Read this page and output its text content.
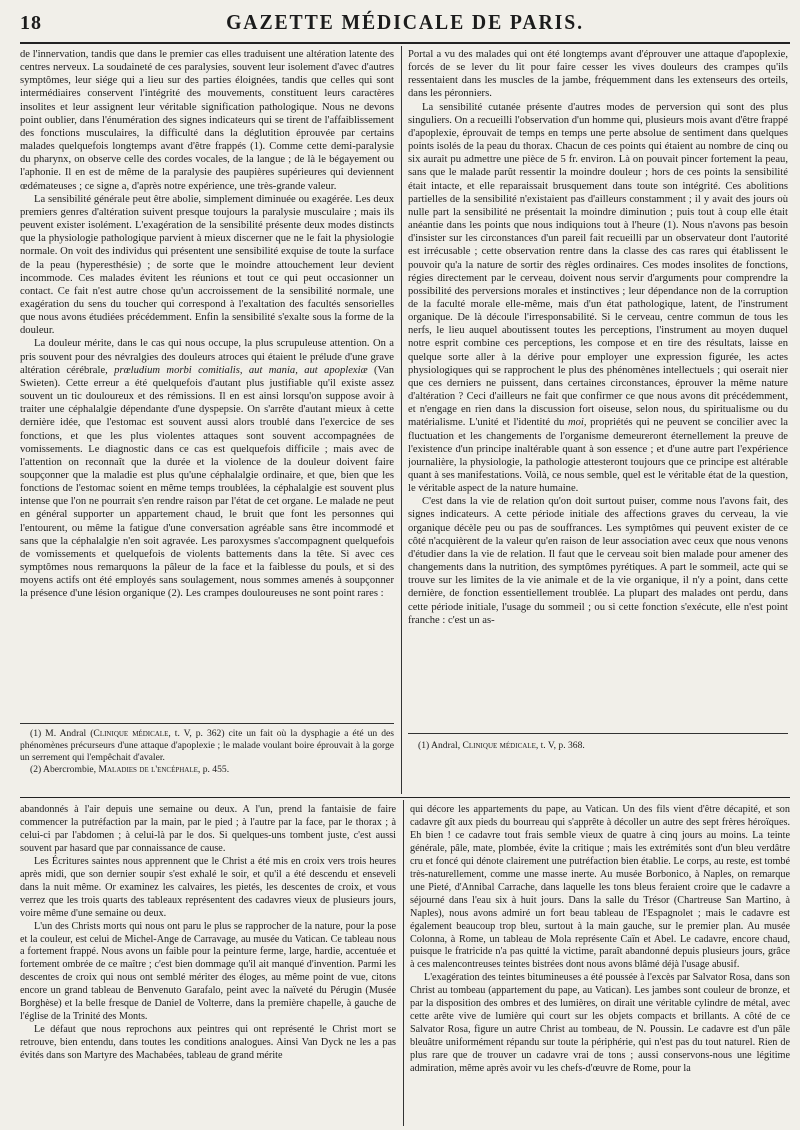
18	GAZETTE MÉDICALE DE PARIS.

de l'innervation, tandis que dans le premier cas elles traduisent une altération latente des centres nerveux. La soudaineté de ces paralysies, souvent leur isolement d'avec d'autres symptômes, leur siége qui a lieu sur des parties éloignées, tandis que celles qui sont intermédiaires conservent l'intégrité des mouvements, constituent leurs caractères insolites et leur assignent leur véritable signification pathologique. Nous ne devons point oublier, dans l'énumération des signes indicateurs qui se tirent de l'affaiblissement des fonctions musculaires, la difficulté dans la déglutition éprouvée par certains malades quelquefois longtemps avant d'être frappés (1). Comme cette demi-paralysie du pharynx, on observe celle des cordes vocales, de la langue ; de là le bégayement ou l'aphonie. Il en est de même de la paralysie des paupières supérieures qui deviennent œdémateuses ; ce signe a, d'après notre expérience, une très-grande valeur.

La sensibilité générale peut être abolie, simplement diminuée ou exagérée. Les deux premiers genres d'altération suivent presque toujours la paralysie musculaire ; mais ils peuvent exister isolément. L'exagération de la sensibilité présente deux modes distincts que la physiologie pathologique parvient à mieux discerner que ne le fait la physiologie normale. On voit des individus qui présentent une sensibilité exquise de toute la surface de la peau (hyperesthésie) ; de sorte que le moindre attouchement leur devient incommode. Ces malades évitent les réunions et tout ce qui peut occasionner un contact. Ce fait n'est autre chose qu'un accroissement de la sensibilité normale, une exagération du sens du toucher qui correspond à l'exaltation des facultés sensorielles que nous avons étudiées précédemment. Enfin la sensibilité s'exalte sous la forme de la douleur.

La douleur mérite, dans le cas qui nous occupe, la plus scrupuleuse attention. On a pris souvent pour des névralgies des douleurs atroces qui étaient le prélude d'une grave altération cérébrale, prœludium morbi comitialis, aut mania, aut apoplexiæ (Van Swieten). Cette erreur a été quelquefois d'autant plus justifiable qu'il existe assez souvent un tic douloureux et des rémissions. Il en est ainsi lorsqu'on suppose avoir à traiter une céphalalgie dépendante d'une dyspepsie. On s'arrête d'autant mieux à cette dernière idée, que l'estomac est souvent aussi alors troublé dans l'exercice de ses fonctions, et que les plus violentes attaques sont souvent accompagnées de vomissements. Le diagnostic dans ce cas est quelquefois difficile ; mais avec de l'attention on reconnaît que la durée et la violence de la douleur doivent faire soupçonner que la maladie est plus qu'une céphalalgie ordinaire, et que, bien que les fonctions de l'estomac soient en même temps troublées, la céphalalgie est souvent plus intense que l'on ne pourrait s'en rendre raison par l'état de cet organe. Le malade ne peut en général supporter un appartement chaud, le bruit que font les personnes qui l'entourent, ou même la fatigue d'une conversation agréable sans être incommodé et sans que la céphalalgie n'en soit agravée. Les paroxysmes s'accompagnent quelquefois de vomissements et quelquefois de violents battements dans la tête. Si avec ces symptômes nous remarquons la pâleur de la face et la faiblesse du pouls, et si des moyens actifs ont été employés sans soulagement, nous sommes amenés à soupçonner la présence d'une lésion organique (2). Les crampes douloureuses ne sont point rares :

Portal a vu des malades qui ont été longtemps avant d'éprouver une attaque d'apoplexie, forcés de se lever du lit pour faire cesser les vives douleurs des crampes qu'ils ressentaient dans les muscles de la jambe, fréquemment dans les extenseurs des orteils, dans les péronniers.

La sensibilité cutanée présente d'autres modes de perversion qui sont des plus singuliers. On a recueilli l'observation d'un homme qui, plusieurs mois avant d'être frappé d'apoplexie, éprouvait de temps en temps une perte absolue de sentiment dans quelques points isolés de la peau du thorax. Chacun de ces points qui étaient au nombre de cinq ou six aurait pu admettre une pièce de 5 fr. environ. Là on pouvait pincer fortement la peau, sans que le malade parût ressentir la moindre douleur ; hors de ces points la sensibilité était intacte, et elle reparaissait brusquement dans toute son intégrité. Ces abolitions partielles de la sensibilité n'existaient pas d'ailleurs constamment ; il y avait des jours où nulle part la sensibilité ne présentait la moindre diminution ; puis tout à coup elle était anéantie dans les points que nous indiquions tout à l'heure (1). Nous n'avons pas besoin d'insister sur les circonstances d'un pareil fait recueilli par un observateur dont l'autorité est irrécusable ; cette observation rentre dans la classe des cas rares qui établissent le pouvoir qu'a la nature de sortir des règles ordinaires. Ces modes insolites de fonctions, régies directement par le cerveau, doivent nous servir d'arguments pour comprendre la possibilité des perversions morales et instinctives ; leur dépendance non de la corruption de la faculté morale elle-même, mais d'un état pathologique, latent, de l'instrument organique. De là découle l'irresponsabilité. Si le cerveau, centre commun de tous les nerfs, le lieu auquel aboutissent toutes les perceptions, l'instrument au moyen duquel notre esprit combine ces perceptions, les compose et en tire des résultats, laisse en quelque sorte aller à la dérive pour employer une expression figurée, les actes physiologiques qui se rapprochent le plus des phénomènes intellectuels ; qui oserait nier que ces derniers ne puissent, dans certaines circonstances, éprouver la même nature d'altération ? Ceci d'ailleurs ne fait que confirmer ce que nous avons dit précédemment, et n'engage en rien dans la discussion fort oiseuse, selon nous, du spiritualisme ou du matérialisme. L'unité et l'identité du moi, propriétés qui ne peuvent se concilier avec la fluctuation et les changements de l'organisme demeureront éternellement la preuve de l'existence d'un principe inaltérable quant à son essence ; et d'une autre part l'expérience journalière, la physiologie, la pathologie attesteront toujours que ce principe est altérable quant à ses manifestations. Voilà, ce nous semble, quel est le véritable état de la question, le véritable aspect de la nature humaine.

C'est dans la vie de relation qu'on doit surtout puiser, comme nous l'avons fait, des signes indicateurs. A cette période initiale des affections graves du cerveau, la vie organique décèle peu ou pas de souffrances. Les symptômes qui peuvent exister de ce côté n'acquièrent de la valeur qu'en raison de leur association avec ceux que nous venons d'étudier dans la vie de relation. Il faut que le cerveau soit bien malade pour amener des changements dans la nutrition, des symptômes pyrétiques. A part le sommeil, acte qui se trouve sur les limites de la vie animale et de la vie organique, il n'y a point, dans cette dernière, de fonction essentiellement troublée. La plupart des malades ont perdu, dans cette période initiale, l'usage du sommeil ; ou si cette fonction s'exécute, elle n'est point franche : c'est un as-

(1) M. Andral (Clinique médicale, t. V, p. 362) cite un fait où la dysphagie a été un des phénomènes précurseurs d'une attaque d'apoplexie ; le malade voulant boire éprouvait à la gorge un serrement qui l'empêchait d'avaler.

(2) Abercrombie, Maladies de l'encéphale, p. 455.

(1) Andral, Clinique médicale, t. V, p. 368.

abandonnés à l'air depuis une semaine ou deux. A l'un, prend la fantaisie de faire commencer la putréfaction par la main, par le pied ; à l'autre par la face, par le thorax ; à celui-ci par l'abdomen ; à celui-là par le dos. Si quelques-uns tombent juste, c'est aussi souvent par hasard que par connaissance de cause.

Les Écritures saintes nous apprennent que le Christ a été mis en croix vers trois heures après midi, que son dernier soupir s'est exhalé le soir, et qu'il a été descendu et enseveli dans la nuit même. Or examinez les calvaires, les pietés, les descentes de croix, et vous verrez que les trois quarts des tableaux représentent des cadavres vieux de plusieurs jours, voire même d'une semaine ou deux.

L'un des Christs morts qui nous ont paru le plus se rapprocher de la nature, pour la pose et la couleur, est celui de Michel-Ange de Carravage, au musée du Vatican. Ce tableau nous a fortement frappé. Nous avons un faible pour la peinture ferme, large, hardie, accentuée et fortement ombrée de ce maître ; c'est bien dommage qu'il ait manqué d'invention. Parmi les descentes de croix qui nous ont semblé mériter des éloges, au même point de vue, citons encore un grand tableau de Benvenuto Garafalo, peint avec la naïveté du Pérugin (Musée Borghèse) et la belle fresque de Daniel de Volterre, dans la première chapelle, à gauche de l'église de la Trinité des Monts.

Le défaut que nous reprochons aux peintres qui ont représenté le Christ mort se retrouve, bien entendu, dans toutes les conditions analogues. Ainsi Van Dyck ne les a pas évités dans son Martyre des Machabées, tableau de grand mérite

qui décore les appartements du pape, au Vatican. Un des fils vient d'être décapité, et son cadavre gît aux pieds du bourreau qui s'apprête à décoller un autre des sept frères héroïques. Eh bien ! ce cadavre tout frais semble vieux de quatre à cinq jours au moins. La teinte générale, pâle, mate, plombée, évite la critique ; mais les extrémités sont d'un bleu verdâtre cru et foncé qui dénote clairement une putréfaction bien établie. Le corps, au reste, est tombé très-naturellement, comme une masse inerte. Au musée Borbonico, à Naples, on remarque une Pieté, d'Annibal Carrache, dans laquelle les tons bleus feraient croire que le cadavre a séjourné dans l'eau six à huit jours. Dans la salle du Trésor (Chartreuse San Martino, à Naples), nous avons admiré un fort beau tableau de l'Espagnolet ; mais le cadavre est également beaucoup trop bleu, surtout à la main gauche, sur le premier plan. Au musée Colonna, à Rome, un tableau de Mola représente Caïn et Abel. Le cadavre, encore chaud, puisque le fratricide n'a pas quitté la victime, paraît abandonné depuis plusieurs jours, grâce à ces malencontreuses teintes bistrées dont nous avons blâmé déjà l'usage abusif.

L'exagération des teintes bitumineuses a été poussée à l'excès par Salvator Rosa, dans son Christ au tombeau (appartement du pape, au Vatican). Les jambes sont couleur de bronze, et par la disposition des ombres et des lumières, on dirait une véritable cylindre de métal, avec cette arête vive de lumière qui court sur les objets compacts et brillants. A côté de ce Salvator Rosa, figure un autre Christ au tombeau, de N. Poussin. Le cadavre est d'un pâle bleuâtre uniformément répandu sur toute la périphérie, qui n'est pas du tout naturel. Rien de plus rare que de trouver un cadavre vrai de tons ; aussi conservons-nous une légitime admiration, même après avoir vu les chefs-d'œuvre de Rome, pour la
